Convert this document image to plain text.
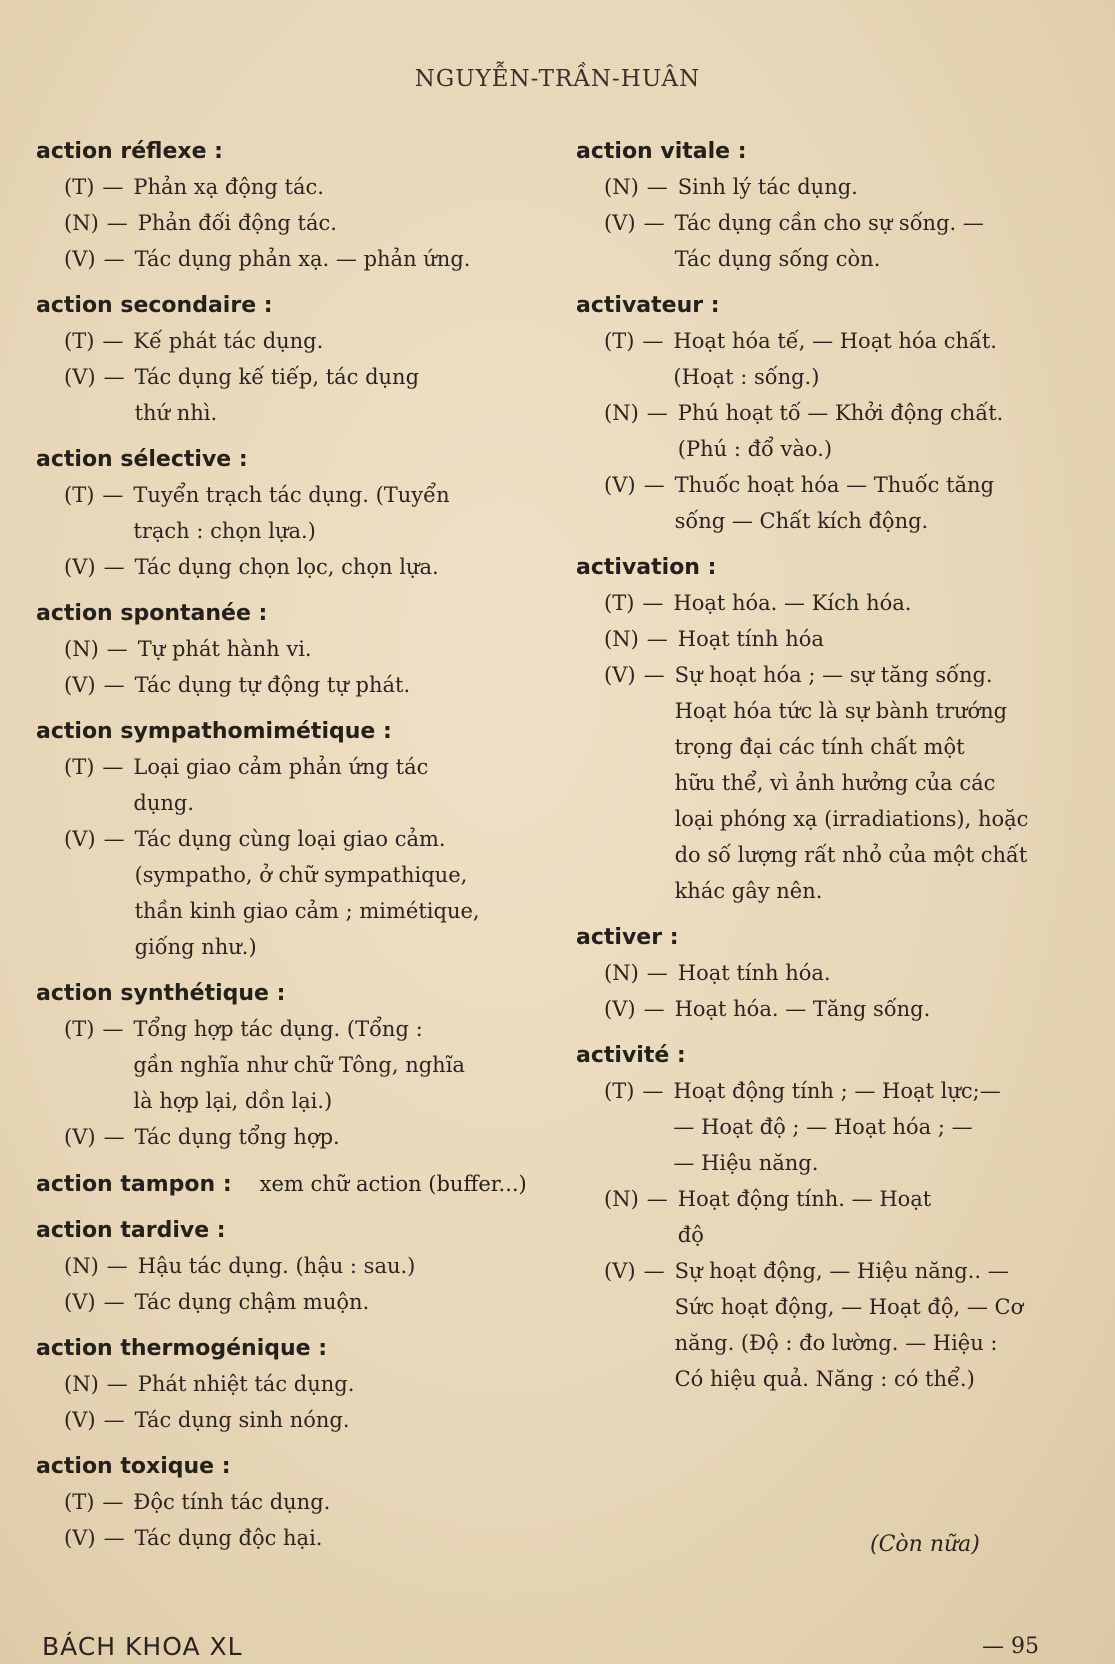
NGUYỄN-TRẦN-HUÂN
action réflexe :
(T) — Phản xạ động tác.
(N) — Phản đối động tác.
(V) — Tác dụng phản xạ. — phản ứng.
action secondaire :
(T) — Kế phát tác dụng.
(V) — Tác dụng kế tiếp, tác dụng
thứ nhì.
action sélective :
(T) — Tuyển trạch tác dụng. (Tuyển
trạch : chọn lựa.)
(V) — Tác dụng chọn lọc, chọn lựa.
action spontanée :
(N) — Tự phát hành vi.
(V) — Tác dụng tự động tự phát.
action sympathomimétique :
(T) — Loại giao cảm phản ứng tác
dụng.
(V) — Tác dụng cùng loại giao cảm.
(sympatho, ở chữ sympathique,
thần kinh giao cảm ; mimétique,
giống như.)
action synthétique :
(T) — Tổng hợp tác dụng. (Tổng :
gần nghĩa như chữ Tông, nghĩa
là hợp lại, dồn lại.)
(V) — Tác dụng tổng hợp.
action tampon : xem chữ action (buffer...)
action tardive :
(N) — Hậu tác dụng. (hậu : sau.)
(V) — Tác dụng chậm muộn.
action thermogénique :
(N) — Phát nhiệt tác dụng.
(V) — Tác dụng sinh nóng.
action toxique :
(T) — Độc tính tác dụng.
(V) — Tác dụng độc hại.
action vitale :
(N) — Sinh lý tác dụng.
(V) — Tác dụng cần cho sự sống. —
Tác dụng sống còn.
activateur :
(T) — Hoạt hóa tế, — Hoạt hóa chất.
(Hoạt : sống.)
(N) — Phú hoạt tố — Khởi động chất.
(Phú : đổ vào.)
(V) — Thuốc hoạt hóa — Thuốc tăng
sống — Chất kích động.
activation :
(T) — Hoạt hóa. — Kích hóa.
(N) — Hoạt tính hóa
(V) — Sự hoạt hóa ; — sự tăng sống.
Hoạt hóa tức là sự bành trướng
trọng đại các tính chất một
hữu thể, vì ảnh hưởng của các
loại phóng xạ (irradiations), hoặc
do số lượng rất nhỏ của một chất
khác gây nên.
activer :
(N) — Hoạt tính hóa.
(V) — Hoạt hóa. — Tăng sống.
activité :
(T) — Hoạt động tính ; — Hoạt lực;—
— Hoạt độ ; — Hoạt hóa ; —
— Hiệu năng.
(N) — Hoạt động tính. — Hoạt
độ
(V) — Sự hoạt động, — Hiệu năng.. —
Sức hoạt động, — Hoạt độ, — Cơ
năng. (Độ : đo lường. — Hiệu :
Có hiệu quả. Năng : có thể.)
(Còn nữa)
BÁCH KHOA XL	— 95
